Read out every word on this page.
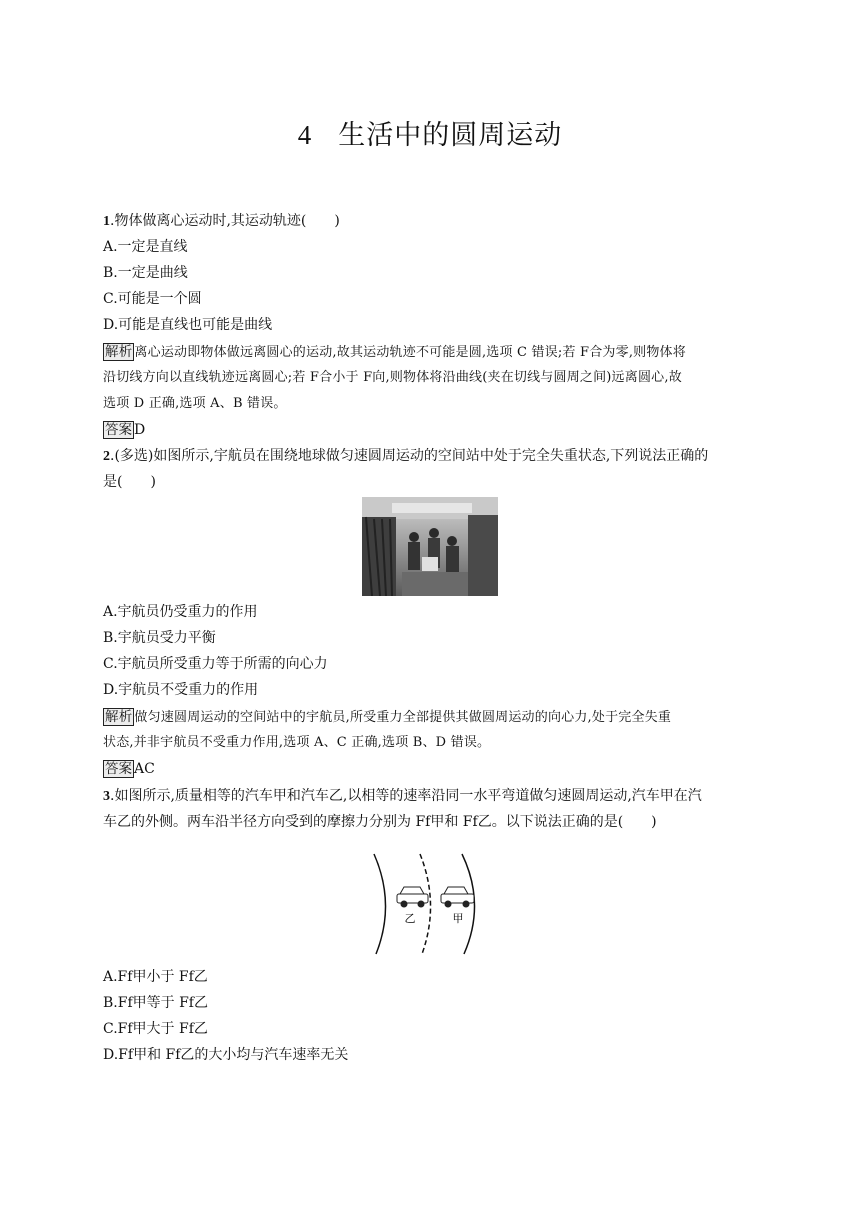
4 生活中的圆周运动
1.物体做离心运动时,其运动轨迹(　　)
A.一定是直线
B.一定是曲线
C.可能是一个圆
D.可能是直线也可能是曲线
解析 离心运动即物体做远离圆心的运动,故其运动轨迹不可能是圆,选项 C 错误;若 F合为零,则物体将
沿切线方向以直线轨迹远离圆心;若 F合小于 F向,则物体将沿曲线(夹在切线与圆周之间)远离圆心,故
选项 D 正确,选项 A、B 错误。
答案 D
2.(多选)如图所示,宇航员在围绕地球做匀速圆周运动的空间站中处于完全失重状态,下列说法正确的
是(　　)
A.宇航员仍受重力的作用
B.宇航员受力平衡
C.宇航员所受重力等于所需的向心力
D.宇航员不受重力的作用
解析 做匀速圆周运动的空间站中的宇航员,所受重力全部提供其做圆周运动的向心力,处于完全失重
状态,并非宇航员不受重力作用,选项 A、C 正确,选项 B、D 错误。
答案 AC
3.如图所示,质量相等的汽车甲和汽车乙,以相等的速率沿同一水平弯道做匀速圆周运动,汽车甲在汽
车乙的外侧。两车沿半径方向受到的摩擦力分别为 Ff甲和 Ff乙。以下说法正确的是(　　)
乙	甲
A.Ff甲小于 Ff乙
B.Ff甲等于 Ff乙
C.Ff甲大于 Ff乙
D.Ff甲和 Ff乙的大小均与汽车速率无关
